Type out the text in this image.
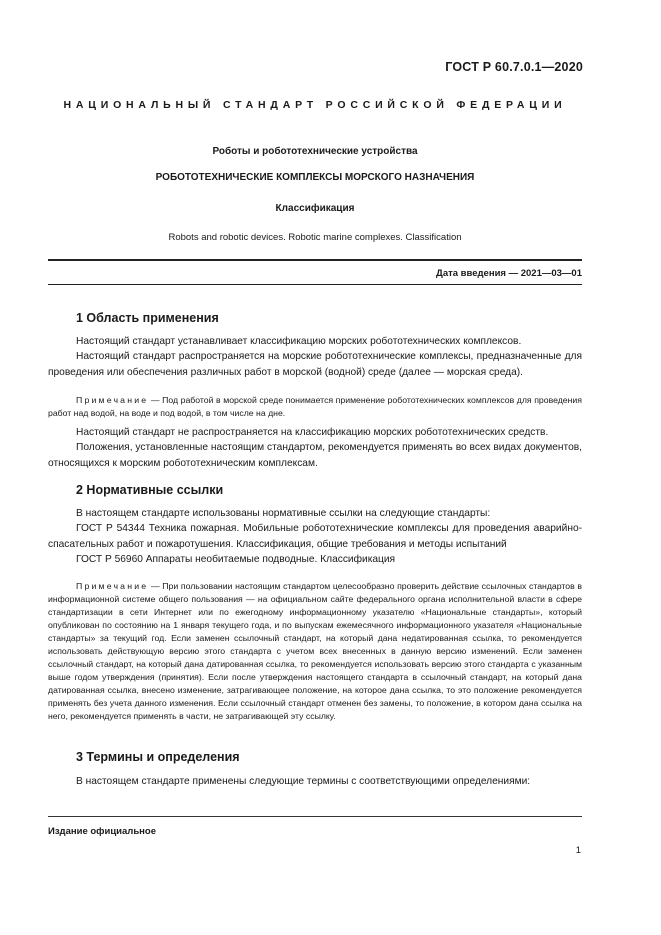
ГОСТ Р 60.7.0.1—2020
НАЦИОНАЛЬНЫЙ СТАНДАРТ РОССИЙСКОЙ ФЕДЕРАЦИИ
Роботы и робототехнические устройства
РОБОТОТЕХНИЧЕСКИЕ КОМПЛЕКСЫ МОРСКОГО НАЗНАЧЕНИЯ
Классификация
Robots and robotic devices. Robotic marine complexes. Classification
Дата введения — 2021—03—01
1 Область применения

Настоящий стандарт устанавливает классификацию морских робототехнических комплексов.

Настоящий стандарт распространяется на морские робототехнические комплексы, предназначенные для проведения или обеспечения различных работ в морской (водной) среде (далее — морская среда).

Примечание — Под работой в морской среде понимается применение робототехнических комплексов для проведения работ над водой, на воде и под водой, в том числе на дне.

Настоящий стандарт не распространяется на классификацию морских робототехнических средств.

Положения, установленные настоящим стандартом, рекомендуется применять во всех видах документов, относящихся к морским робототехническим комплексам.

2 Нормативные ссылки

В настоящем стандарте использованы нормативные ссылки на следующие стандарты:

ГОСТ Р 54344 Техника пожарная. Мобильные робототехнические комплексы для проведения аварийно-спасательных работ и пожаротушения. Классификация, общие требования и методы испытаний

ГОСТ Р 56960 Аппараты необитаемые подводные. Классификация

Примечание — При пользовании настоящим стандартом целесообразно проверить действие ссылочных стандартов в информационной системе общего пользования — на официальном сайте федерального органа исполнительной власти в сфере стандартизации в сети Интернет или по ежегодному информационному указателю «Национальные стандарты», который опубликован по состоянию на 1 января текущего года, и по выпускам ежемесячного информационного указателя «Национальные стандарты» за текущий год. Если заменен ссылочный стандарт, на который дана недатированная ссылка, то рекомендуется использовать действующую версию этого стандарта с учетом всех внесенных в данную версию изменений. Если заменен ссылочный стандарт, на который дана датированная ссылка, то рекомендуется использовать версию этого стандарта с указанным выше годом утверждения (принятия). Если после утверждения настоящего стандарта в ссылочный стандарт, на который дана датированная ссылка, внесено изменение, затрагивающее положение, на которое дана ссылка, то это положение рекомендуется применять без учета данного изменения. Если ссылочный стандарт отменен без замены, то положение, в котором дана ссылка на него, рекомендуется применять в части, не затрагивающей эту ссылку.

3 Термины и определения

В настоящем стандарте применены следующие термины с соответствующими определениями:

Издание официальное
1
